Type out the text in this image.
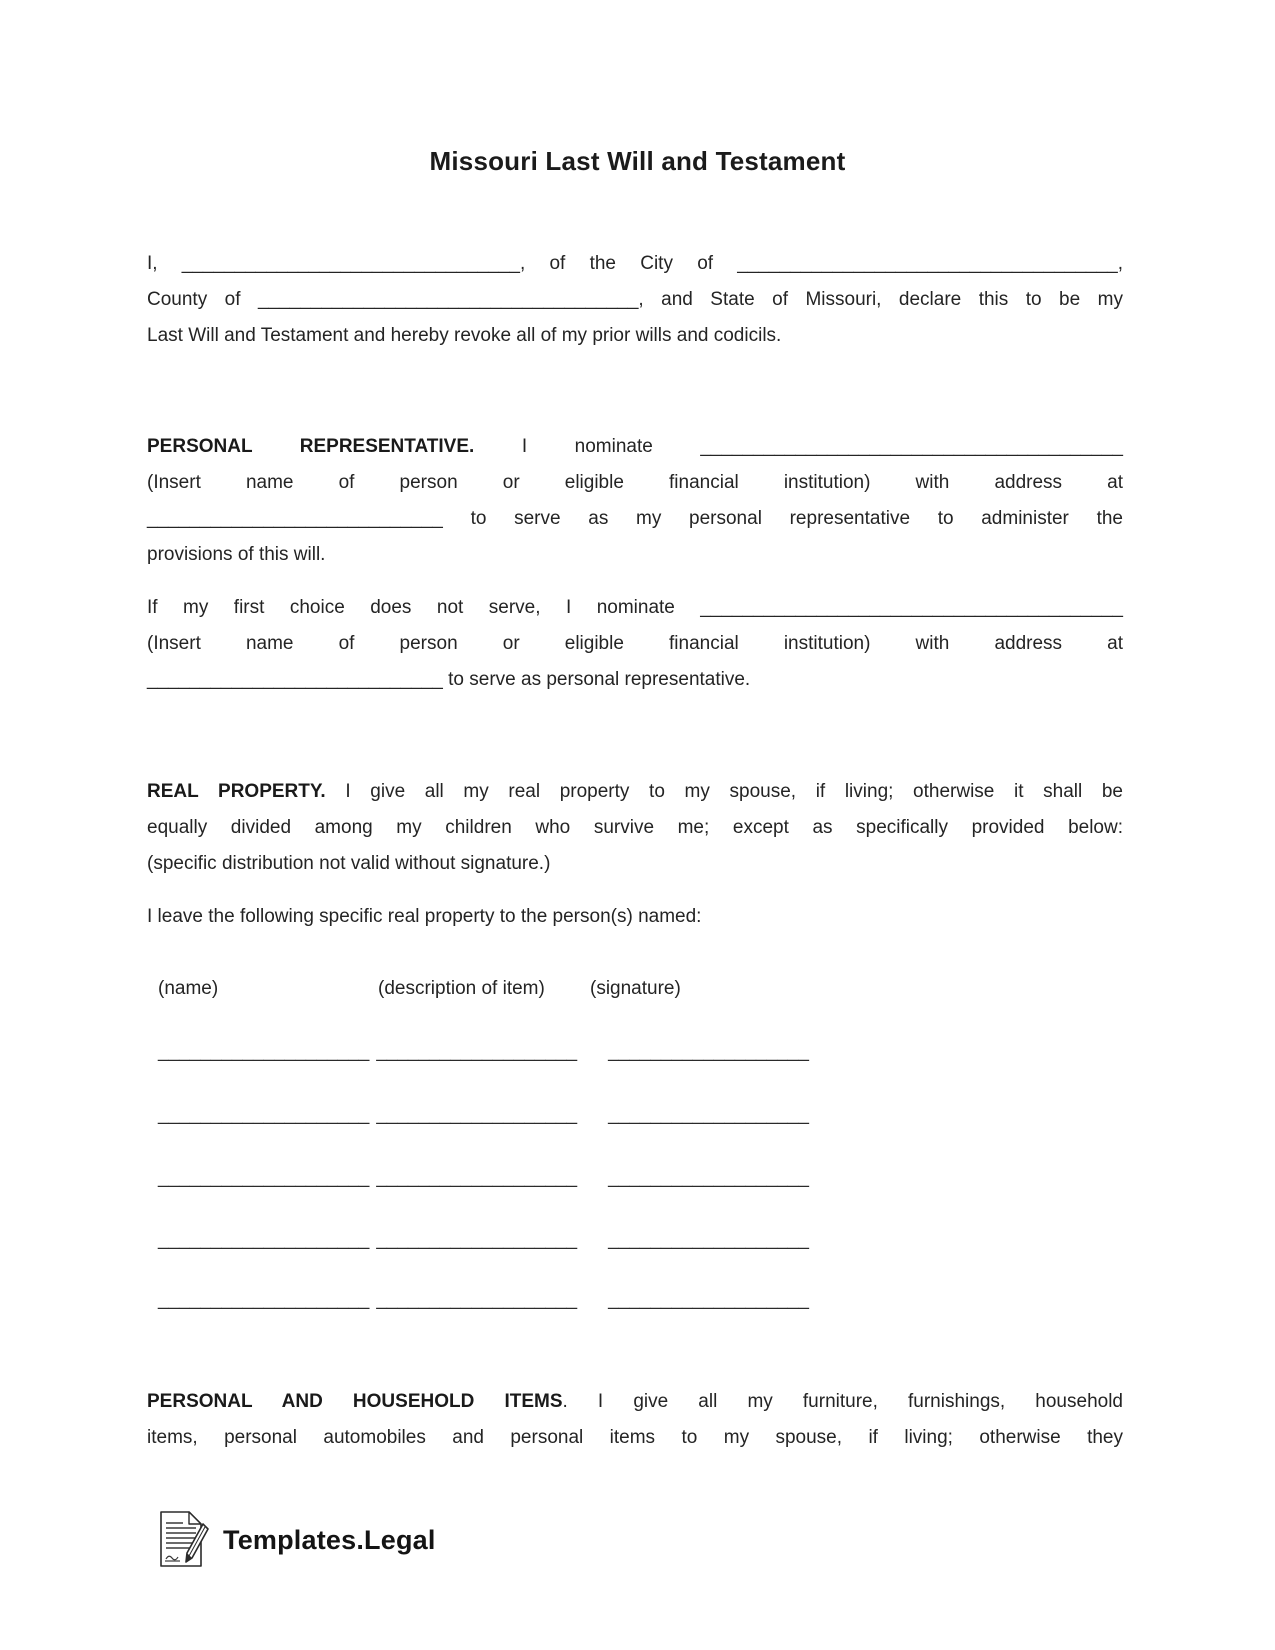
Missouri Last Will and Testament
I, ________________________________, of the City of ____________________________________,
County of ____________________________________, and State of Missouri, declare this to be my
Last Will and Testament and hereby revoke all of my prior wills and codicils.
PERSONAL REPRESENTATIVE. I nominate ________________________________________
(Insert name of person or eligible financial institution) with address at
____________________________ to serve as my personal representative to administer the
provisions of this will.
If my first choice does not serve, I nominate ________________________________________
(Insert name of person or eligible financial institution) with address at
____________________________ to serve as personal representative.
REAL PROPERTY. I give all my real property to my spouse, if living; otherwise it shall be
equally divided among my children who survive me; except as specifically provided below:
(specific distribution not valid without signature.)
I leave the following specific real property to the person(s) named:
(name)	(description of item) (signature)
____________________ ___________________ ___________________
____________________ ___________________ ___________________
____________________ ___________________ ___________________
____________________ ___________________ ___________________
____________________ ___________________ ___________________
PERSONAL AND HOUSEHOLD ITEMS. I give all my furniture, furnishings, household
items, personal automobiles and personal items to my spouse, if living; otherwise they
Templates.Legal
